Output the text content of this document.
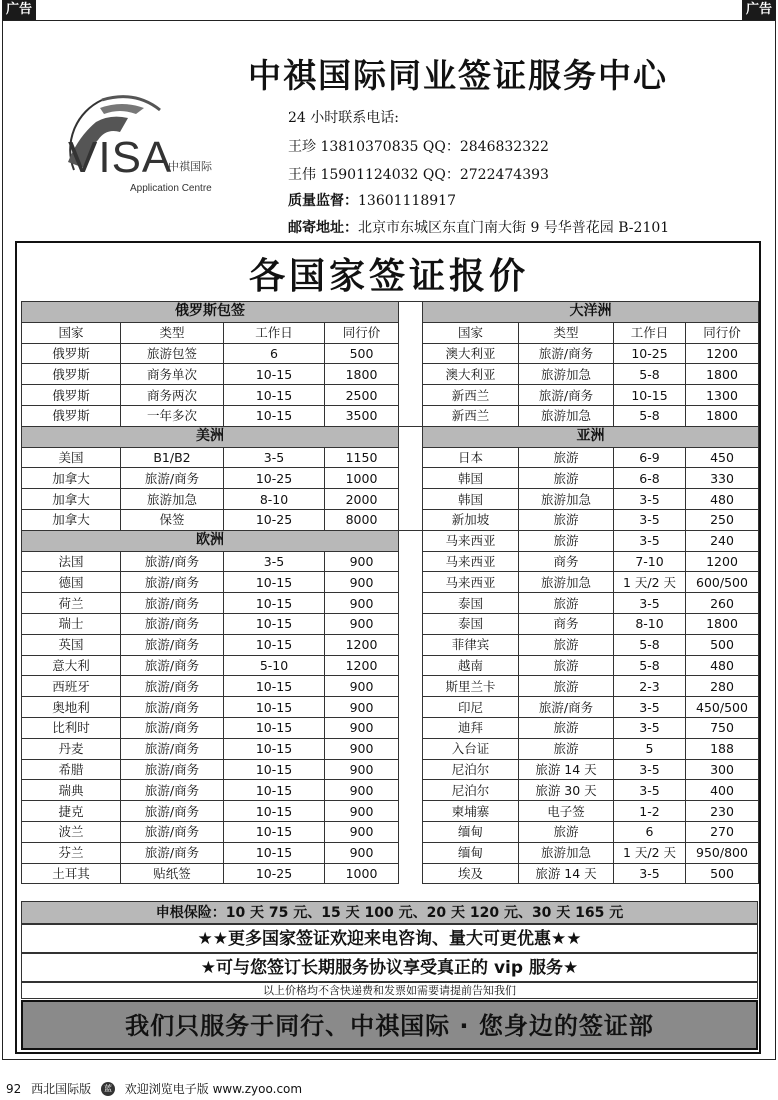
广告	广告
中祺国际同业签证服务中心
VISA
中祺国际
Application Centre
24 小时联系电话:
王珍 13810370835 QQ：2846832322
王伟 15901124032 QQ：2722474393
质量监督：13601118917
邮寄地址：北京市东城区东直门南大街 9 号华普花园 B-2101
各国家签证报价
俄罗斯包签					大洋洲			
国家	类型	工作日	同行价		国家	类型	工作日	同行价
俄罗斯	旅游包签	6	500		澳大利亚	旅游/商务	10-25	1200
俄罗斯	商务单次	10-15	1800		澳大利亚	旅游加急	5-8	1800
俄罗斯	商务两次	10-15	2500		新西兰	旅游/商务	10-15	1300
俄罗斯	一年多次	10-15	3500		新西兰	旅游加急	5-8	1800
美洲					亚洲			
美国	B1/B2	3-5	1150		日本	旅游	6-9	450
加拿大	旅游/商务	10-25	1000		韩国	旅游	6-8	330
加拿大	旅游加急	8-10	2000		韩国	旅游加急	3-5	480
加拿大	保签	10-25	8000		新加坡	旅游	3-5	250
欧洲					马来西亚	旅游	3-5	240
法国	旅游/商务	3-5	900		马来西亚	商务	7-10	1200
德国	旅游/商务	10-15	900		马来西亚	旅游加急	1 天/2 天	600/500
荷兰	旅游/商务	10-15	900		泰国	旅游	3-5	260
瑞士	旅游/商务	10-15	900		泰国	商务	8-10	1800
英国	旅游/商务	10-15	1200		菲律宾	旅游	5-8	500
意大利	旅游/商务	5-10	1200		越南	旅游	5-8	480
西班牙	旅游/商务	10-15	900		斯里兰卡	旅游	2-3	280
奥地利	旅游/商务	10-15	900		印尼	旅游/商务	3-5	450/500
比利时	旅游/商务	10-15	900		迪拜	旅游	3-5	750
丹麦	旅游/商务	10-15	900		入台证	旅游	5	188
希腊	旅游/商务	10-15	900		尼泊尔	旅游 14 天	3-5	300
瑞典	旅游/商务	10-15	900		尼泊尔	旅游 30 天	3-5	400
捷克	旅游/商务	10-15	900		柬埔寨	电子签	1-2	230
波兰	旅游/商务	10-15	900		缅甸	旅游	6	270
芬兰	旅游/商务	10-15	900		缅甸	旅游加急	1 天/2 天	950/800
土耳其	贴纸签	10-25	1000		埃及	旅游 14 天	3-5	500
申根保险：10 天 75 元、15 天 100 元、20 天 120 元、30 天 165 元
★★更多国家签证欢迎来电咨询、量大可更优惠★★
★可与您签订长期服务协议享受真正的 vip 服务★
以上价格均不含快递费和发票如需要请提前告知我们
我们只服务于同行、中祺国际 · 您身边的签证部
92 西北国际版 蓝 欢迎浏览电子版 www.zyoo.com
